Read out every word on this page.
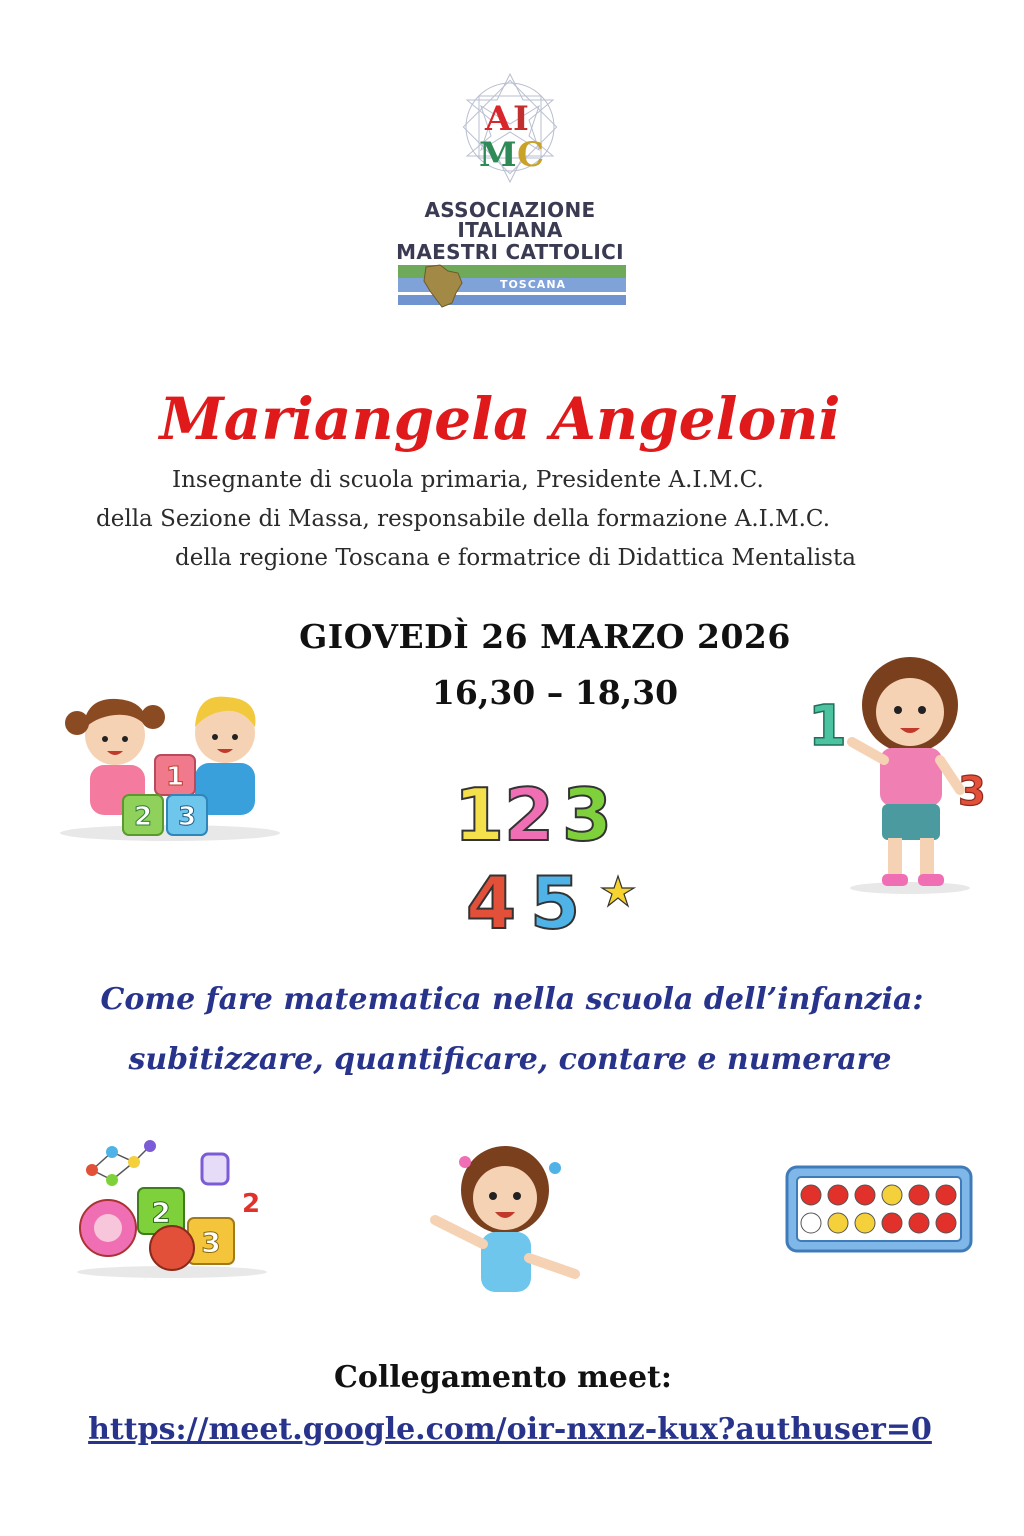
A I
M C
ASSOCIAZIONE
ITALIANA
MAESTRI CATTOLICI
TOSCANA
Mariangela Angeloni
Insegnante di scuola primaria, Presidente A.I.M.C.
della Sezione di Massa, responsabile della formazione A.I.M.C.
della regione Toscana e formatrice di Didattica Mentalista
GIOVEDÌ 26 MARZO 2026
16,30 – 18,30
1
2 3	1 2 3
4 5
1
3
Come fare matematica nella scuola dell’infanzia:
subitizzare, quantificare, contare e numerare
2
3
2
Collegamento meet:
https://meet.google.com/oir-nxnz-kux?authuser=0
